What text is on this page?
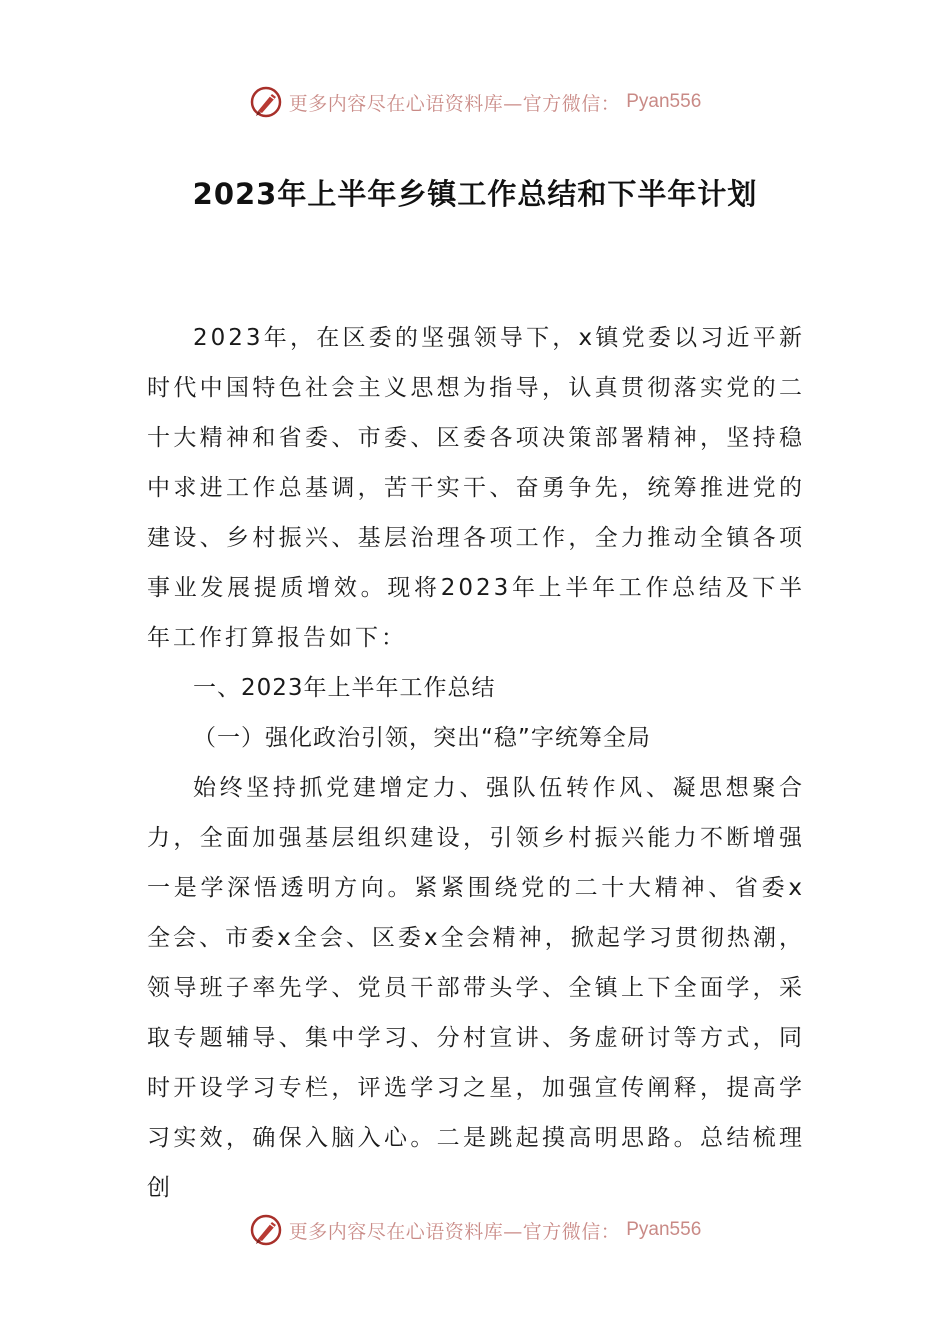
更多内容尽在心语资料库—官方微信： Pyan556
2023年上半年乡镇工作总结和下半年计划

2023年，在区委的坚强领导下，x镇党委以习近平新时代中国特色社会主义思想为指导，认真贯彻落实党的二十大精神和省委、市委、区委各项决策部署精神，坚持稳中求进工作总基调，苦干实干、奋勇争先，统筹推进党的建设、乡村振兴、基层治理各项工作，全力推动全镇各项事业发展提质增效。现将2023年上半年工作总结及下半年工作打算报告如下：

一、2023年上半年工作总结

（一）强化政治引领，突出“稳”字统筹全局

始终坚持抓党建增定力、强队伍转作风、凝思想聚合力，全面加强基层组织建设，引领乡村振兴能力不断增强一是学深悟透明方向。紧紧围绕党的二十大精神、省委x全会、市委x全会、区委x全会精神，掀起学习贯彻热潮，领导班子率先学、党员干部带头学、全镇上下全面学，采取专题辅导、集中学习、分村宣讲、务虚研讨等方式，同时开设学习专栏，评选学习之星，加强宣传阐释，提高学习实效，确保入脑入心。二是跳起摸高明思路。总结梳理创

更多内容尽在心语资料库—官方微信： Pyan556
